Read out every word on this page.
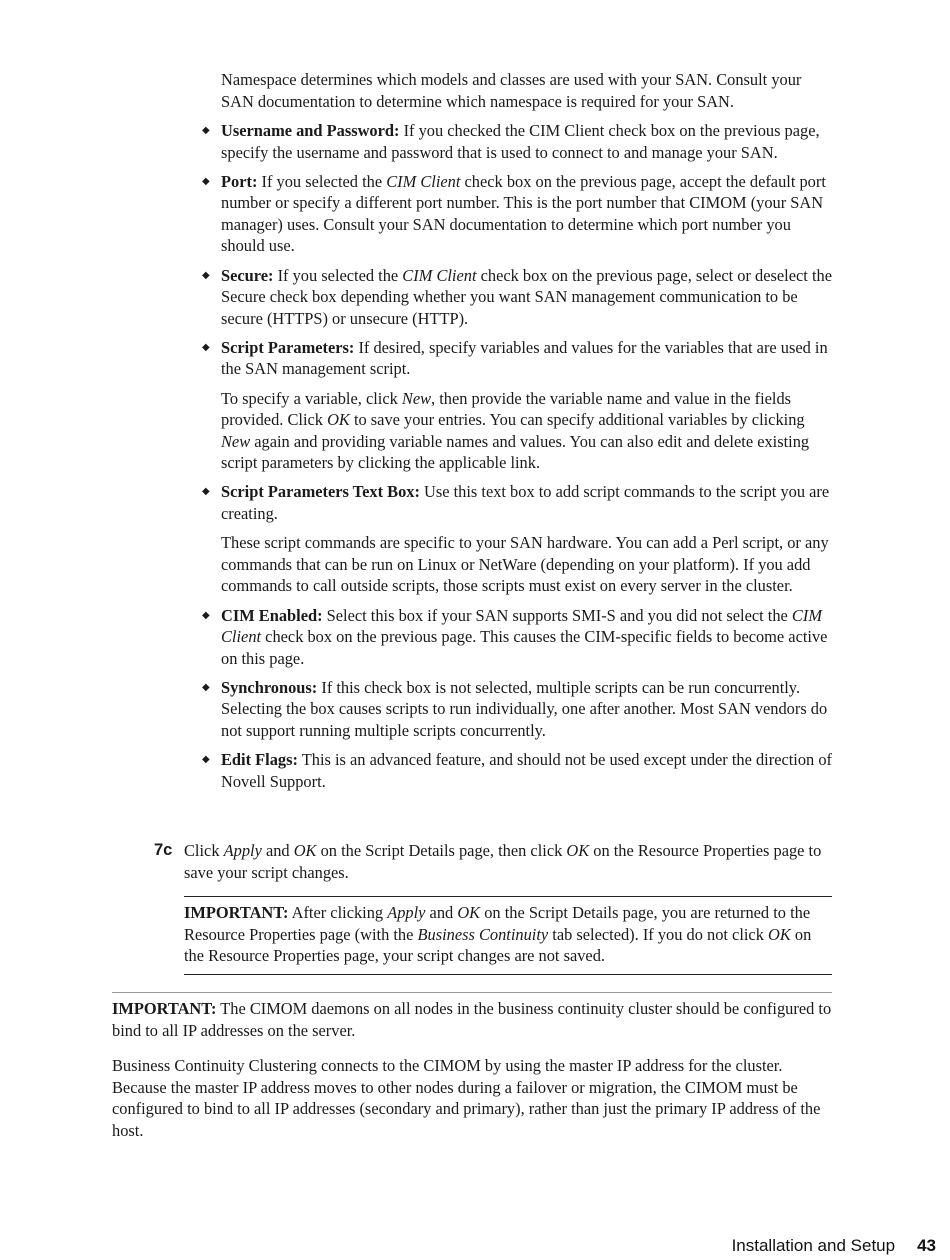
Namespace determines which models and classes are used with your SAN. Consult your SAN documentation to determine which namespace is required for your SAN.

◆ Username and Password: If you checked the CIM Client check box on the previous page, specify the username and password that is used to connect to and manage your SAN.

◆ Port: If you selected the CIM Client check box on the previous page, accept the default port number or specify a different port number. This is the port number that CIMOM (your SAN manager) uses. Consult your SAN documentation to determine which port number you should use.

◆ Secure: If you selected the CIM Client check box on the previous page, select or deselect the Secure check box depending whether you want SAN management communication to be secure (HTTPS) or unsecure (HTTP).

◆ Script Parameters: If desired, specify variables and values for the variables that are used in the SAN management script.

To specify a variable, click New, then provide the variable name and value in the fields provided. Click OK to save your entries. You can specify additional variables by clicking New again and providing variable names and values. You can also edit and delete existing script parameters by clicking the applicable link.

◆ Script Parameters Text Box: Use this text box to add script commands to the script you are creating.

These script commands are specific to your SAN hardware. You can add a Perl script, or any commands that can be run on Linux or NetWare (depending on your platform). If you add commands to call outside scripts, those scripts must exist on every server in the cluster.

◆ CIM Enabled: Select this box if your SAN supports SMI-S and you did not select the CIM Client check box on the previous page. This causes the CIM-specific fields to become active on this page.

◆ Synchronous: If this check box is not selected, multiple scripts can be run concurrently. Selecting the box causes scripts to run individually, one after another. Most SAN vendors do not support running multiple scripts concurrently.

◆ Edit Flags: This is an advanced feature, and should not be used except under the direction of Novell Support.

7c Click Apply and OK on the Script Details page, then click OK on the Resource Properties page to save your script changes.

IMPORTANT: After clicking Apply and OK on the Script Details page, you are returned to the Resource Properties page (with the Business Continuity tab selected). If you do not click OK on the Resource Properties page, your script changes are not saved.

IMPORTANT: The CIMOM daemons on all nodes in the business continuity cluster should be configured to bind to all IP addresses on the server.

Business Continuity Clustering connects to the CIMOM by using the master IP address for the cluster. Because the master IP address moves to other nodes during a failover or migration, the CIMOM must be configured to bind to all IP addresses (secondary and primary), rather than just the primary IP address of the host.

Installation and Setup 43
